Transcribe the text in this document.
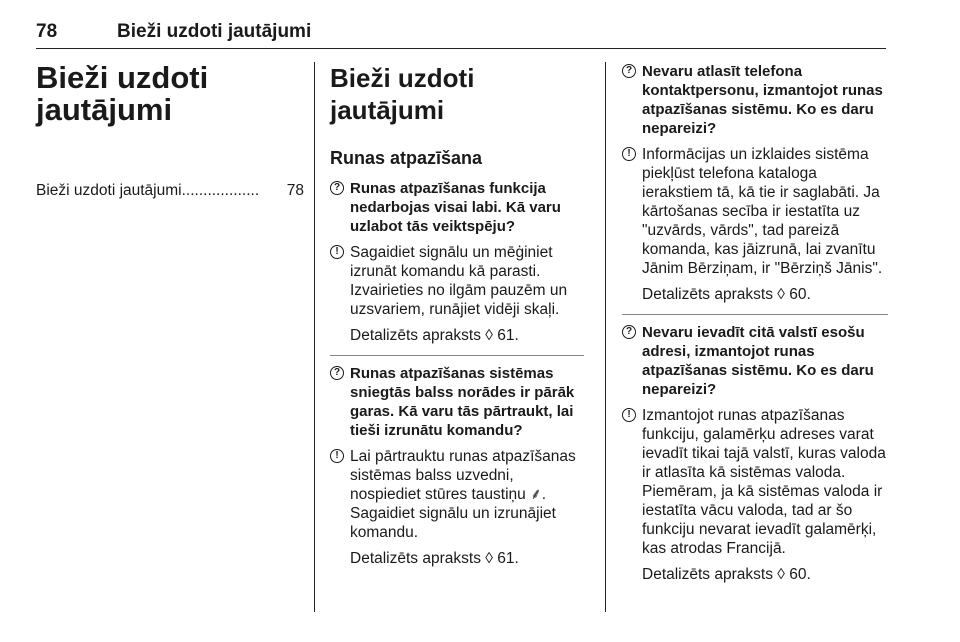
78	Bieži uzdoti jautājumi
Bieži uzdoti jautājumi
Bieži uzdoti jautājumi ..................	78
Bieži uzdoti jautājumi
Runas atpazīšana
? Runas atpazīšanas funkcija nedarbojas visai labi. Kā varu uzlabot tās veiktspēju?
! Sagaidiet signālu un mēģiniet izrunāt komandu kā parasti. Izvairieties no ilgām pauzēm un uzsvariem, runājiet vidēji skaļi.
Detalizēts apraksts ◊ 61.
? Runas atpazīšanas sistēmas sniegtās balss norādes ir pārāk garas. Kā varu tās pārtraukt, lai tieši izrunātu komandu?
! Lai pārtrauktu runas atpazīšanas sistēmas balss uzvedni, nospiediet stūres taustiņu ⸙. Sagaidiet signālu un izrunājiet komandu.
Detalizēts apraksts ◊ 61.
? Nevaru atlasīt telefona kontaktpersonu, izmantojot runas atpazīšanas sistēmu. Ko es daru nepareizi?
! Informācijas un izklaides sistēma piekļūst telefona kataloga ierakstiem tā, kā tie ir saglabāti. Ja kārtošanas secība ir iestatīta uz "uzvārds, vārds", tad pareizā komanda, kas jāizrunā, lai zvanītu Jānim Bērziņam, ir "Bērziņš Jānis".
Detalizēts apraksts ◊ 60.
? Nevaru ievadīt citā valstī esošu adresi, izmantojot runas atpazīšanas sistēmu. Ko es daru nepareizi?
! Izmantojot runas atpazīšanas funkciju, galamērķu adreses varat ievadīt tikai tajā valstī, kuras valoda ir atlasīta kā sistēmas valoda. Piemēram, ja kā sistēmas valoda ir iestatīta vācu valoda, tad ar šo funkciju nevarat ievadīt galamērķi, kas atrodas Francijā.
Detalizēts apraksts ◊ 60.
